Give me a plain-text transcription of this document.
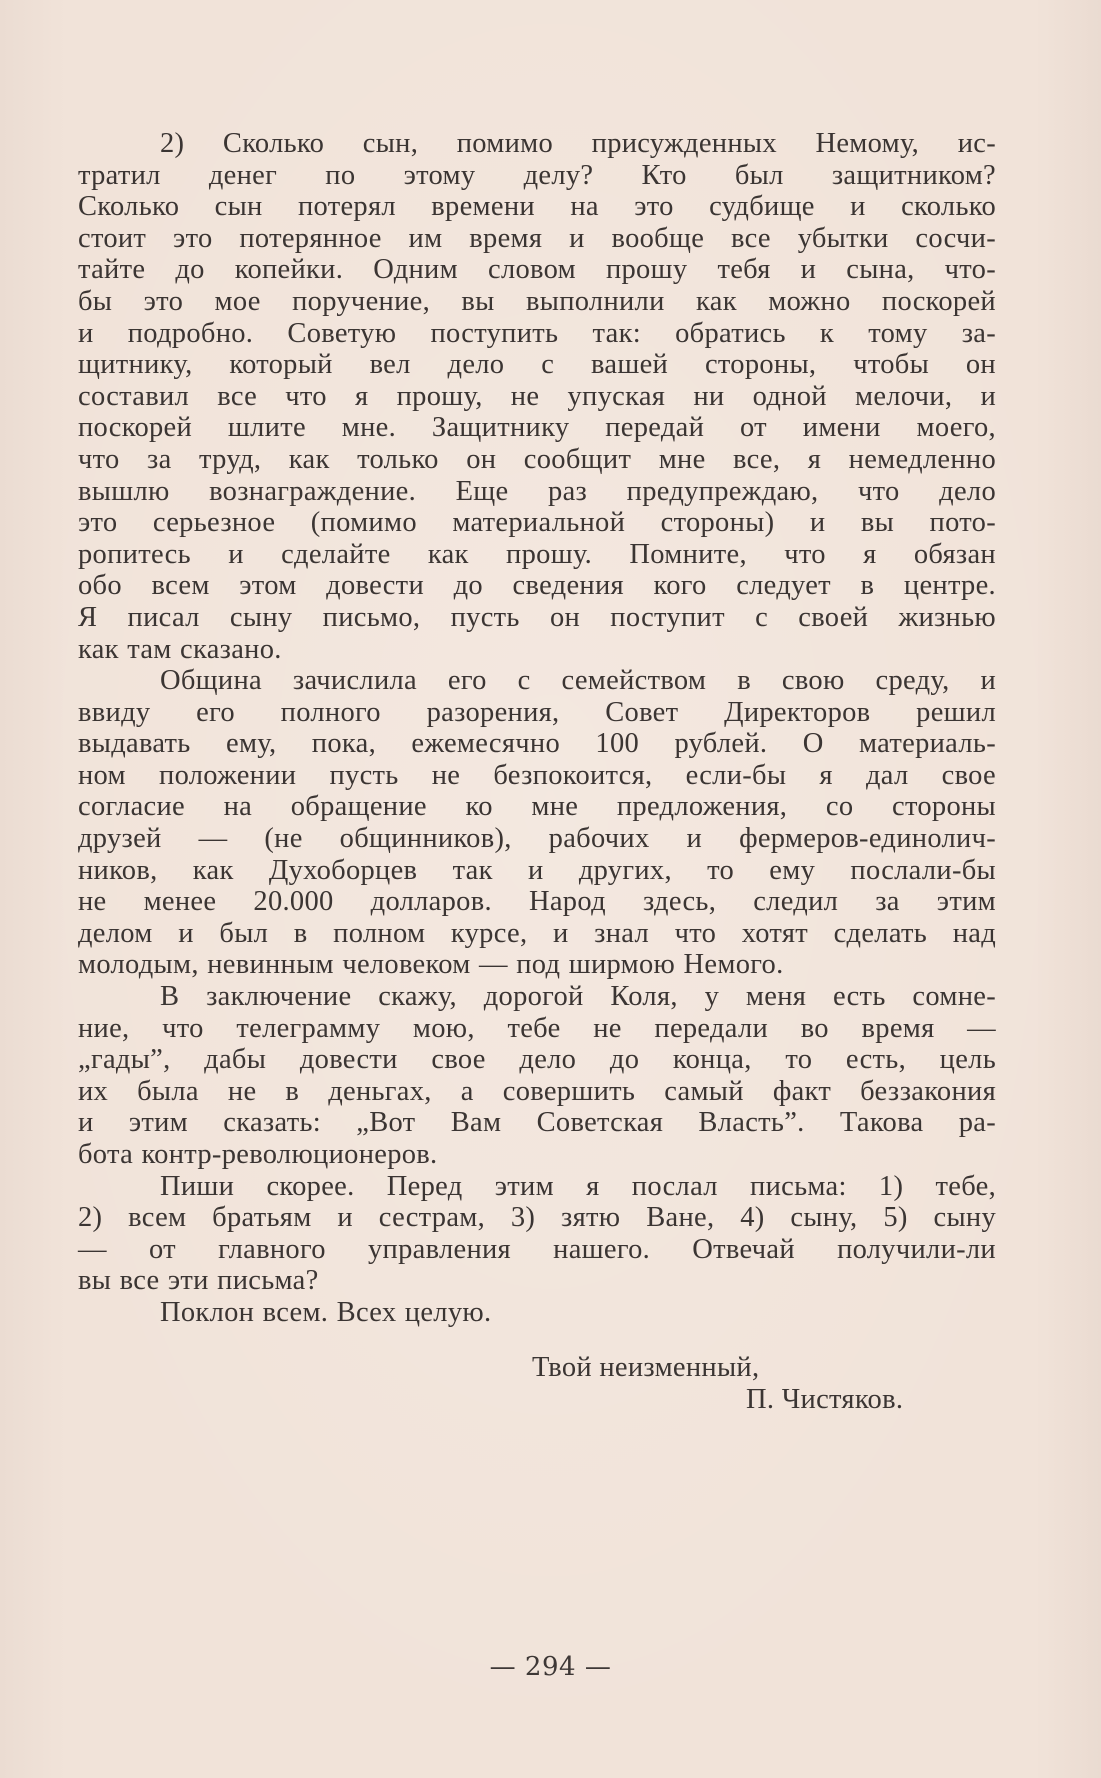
2) Сколько сын, помимо присужденных Немому, ис-
тратил денег по этому делу? Кто был защитником?
Сколько сын потерял времени на это судбище и сколько
стоит это потерянное им время и вообще все убытки сосчи-
тайте до копейки. Одним словом прошу тебя и сына, что-
бы это мое поручение, вы выполнили как можно поскорей
и подробно. Советую поступить так: обратись к тому за-
щитнику, который вел дело с вашей стороны, чтобы он
составил все что я прошу, не упуская ни одной мелочи, и
поскорей шлите мне. Защитнику передай от имени моего,
что за труд, как только он сообщит мне все, я немедленно
вышлю вознаграждение. Еще раз предупреждаю, что дело
это серьезное (помимо материальной стороны) и вы пото-
ропитесь и сделайте как прошу. Помните, что я обязан
обо всем этом довести до сведения кого следует в центре.
Я писал сыну письмо, пусть он поступит с своей жизнью
как там сказано.
Община зачислила его с семейством в свою среду, и
ввиду его полного разорения, Совет Директоров решил
выдавать ему, пока, ежемесячно 100 рублей. О материаль-
ном положении пусть не безпокоится, если-бы я дал свое
согласие на обращение ко мне предложения, со стороны
друзей — (не общинников), рабочих и фермеров-единолич-
ников, как Духоборцев так и других, то ему послали-бы
не менее 20.000 долларов. Народ здесь, следил за этим
делом и был в полном курсе, и знал что хотят сделать над
молодым, невинным человеком — под ширмою Немого.
В заключение скажу, дорогой Коля, у меня есть сомне-
ние, что телеграмму мою, тебе не передали во время —
„гады”, дабы довести свое дело до конца, то есть, цель
их была не в деньгах, а совершить самый факт беззакония
и этим сказать: „Вот Вам Советская Власть”. Такова ра-
бота контр-революционеров.
Пиши скорее. Перед этим я послал письма: 1) тебе,
2) всем братьям и сестрам, 3) зятю Ване, 4) сыну, 5) сыну
— от главного управления нашего. Отвечай получили-ли
вы все эти письма?
Поклон всем. Всех целую.
Твой неизменный,
П. Чистяков.
— 294 —
